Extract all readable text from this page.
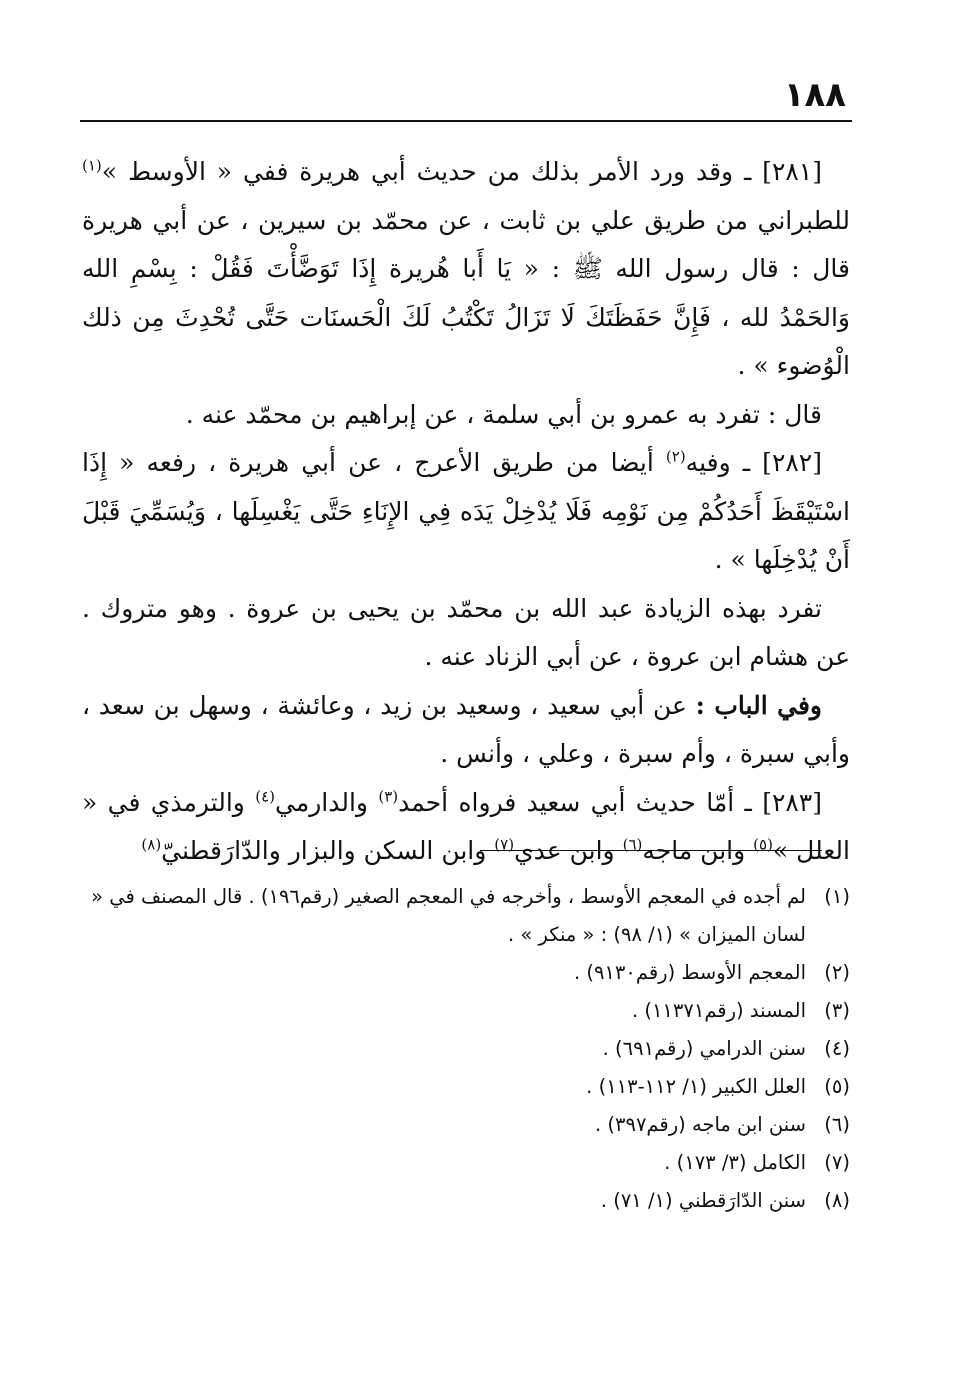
١٨٨

[٢٨١] ـ وقد ورد الأمر بذلك من حديث أبي هريرة ففي « الأوسط »$^{(١)}$ للطبراني من طريق علي بن ثابت ، عن محمّد بن سيرين ، عن أبي هريرة قال : قال رسول الله ﷺ : « يَا أَبا هُريرة إِذَا تَوَضَّأْتَ فَقُلْ : بِسْمِ الله وَالحَمْدُ لله ، فَإِنَّ حَفَظَتَكَ لَا تَزَالُ تَكْتُبُ لَكَ الْحَسنَات حَتَّى تُحْدِثَ مِن ذلك الْوُضوء » .

قال : تفرد به عمرو بن أبي سلمة ، عن إبراهيم بن محمّد عنه .

[٢٨٢] ـ وفيه$^{(٢)}$ أيضا من طريق الأعرج ، عن أبي هريرة ، رفعه « إِذَا اسْتَيْقَظَ أَحَدُكُمْ مِن نَوْمِه فَلَا يُدْخِلْ يَدَه فِي الإِنَاءِ حَتَّى يَغْسِلَها ، وَيُسَمِّيَ قَبْلَ أَنْ يُدْخِلَها » .

تفرد بهذه الزيادة عبد الله بن محمّد بن يحيى بن عروة . وهو متروك . عن هشام ابن عروة ، عن أبي الزناد عنه .

وفي الباب : عن أبي سعيد ، وسعيد بن زيد ، وعائشة ، وسهل بن سعد ، وأبي سبرة ، وأم سبرة ، وعلي ، وأنس .

[٢٨٣] ـ أمّا حديث أبي سعيد فرواه أحمد$^{(٣)}$ والدارمي$^{(٤)}$ والترمذي في « العلل »$^{(٥)}$ وابن ماجه$^{(٦)}$ وابن عدي$^{(٧)}$ وابن السكن والبزار والدّارَقطنيّ$^{(٨)}$

(١)
لم أجده في المعجم الأوسط ، وأخرجه في المعجم الصغير (رقم١٩٦) . قال المصنف في « لسان الميزان » (١/ ٩٨) : « منكر » .
(٢)
المعجم الأوسط (رقم٩١٣٠) .
(٣)
المسند (رقم١١٣٧١) .
(٤)
سنن الدرامي (رقم٦٩١) .
(٥)
العلل الكبير (١/ ١١٢-١١٣) .
(٦)
سنن ابن ماجه (رقم٣٩٧) .
(٧)
الكامل (٣/ ١٧٣) .
(٨)
سنن الدّارَقطني (١/ ٧١) .
